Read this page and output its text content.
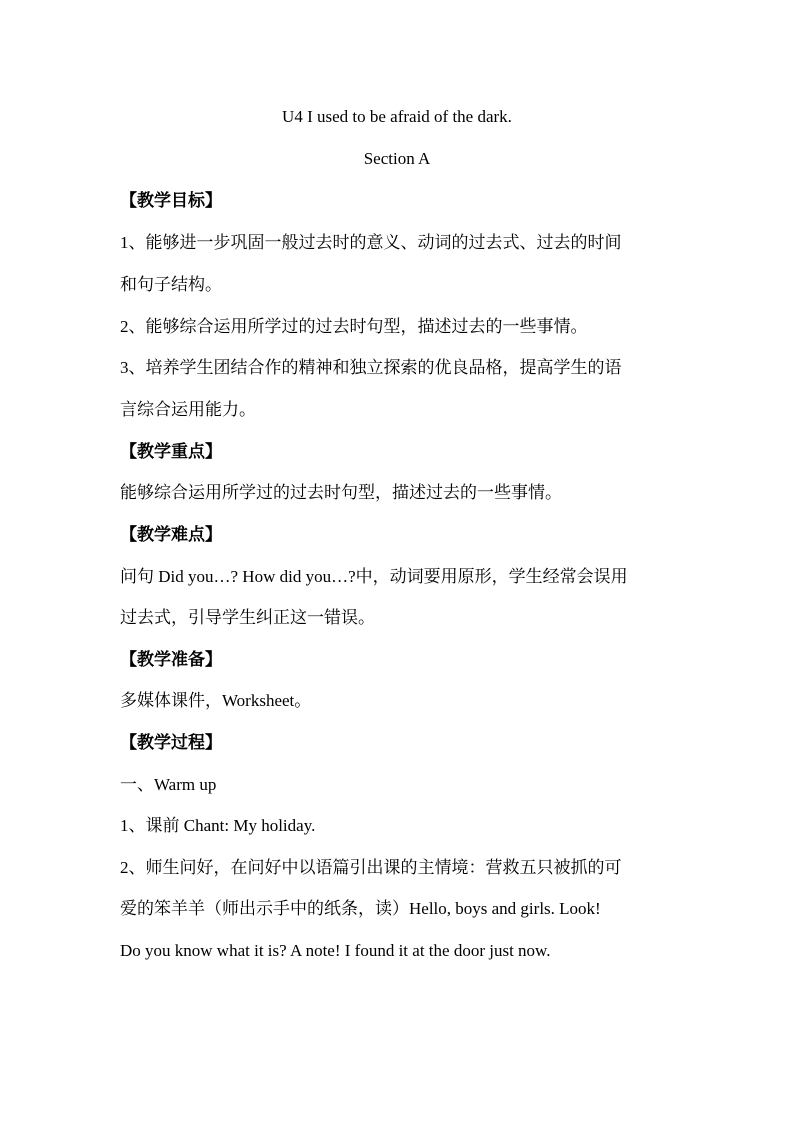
U4 I used to be afraid of the dark.
Section A
【教学目标】
1、能够进一步巩固一般过去时的意义、动词的过去式、过去的时间
和句子结构。
2、能够综合运用所学过的过去时句型，描述过去的一些事情。
3、培养学生团结合作的精神和独立探索的优良品格，提高学生的语
言综合运用能力。
【教学重点】
能够综合运用所学过的过去时句型，描述过去的一些事情。
【教学难点】
问句 Did you…? How did you…?中，动词要用原形，学生经常会误用
过去式，引导学生纠正这一错误。
【教学准备】
多媒体课件，Worksheet。
【教学过程】
一、Warm up
1、课前 Chant: My holiday.
2、师生问好，在问好中以语篇引出课的主情境：营救五只被抓的可
爱的笨羊羊（师出示手中的纸条，读）Hello, boys and girls. Look!
Do you know what it is? A note! I found it at the door just now.
